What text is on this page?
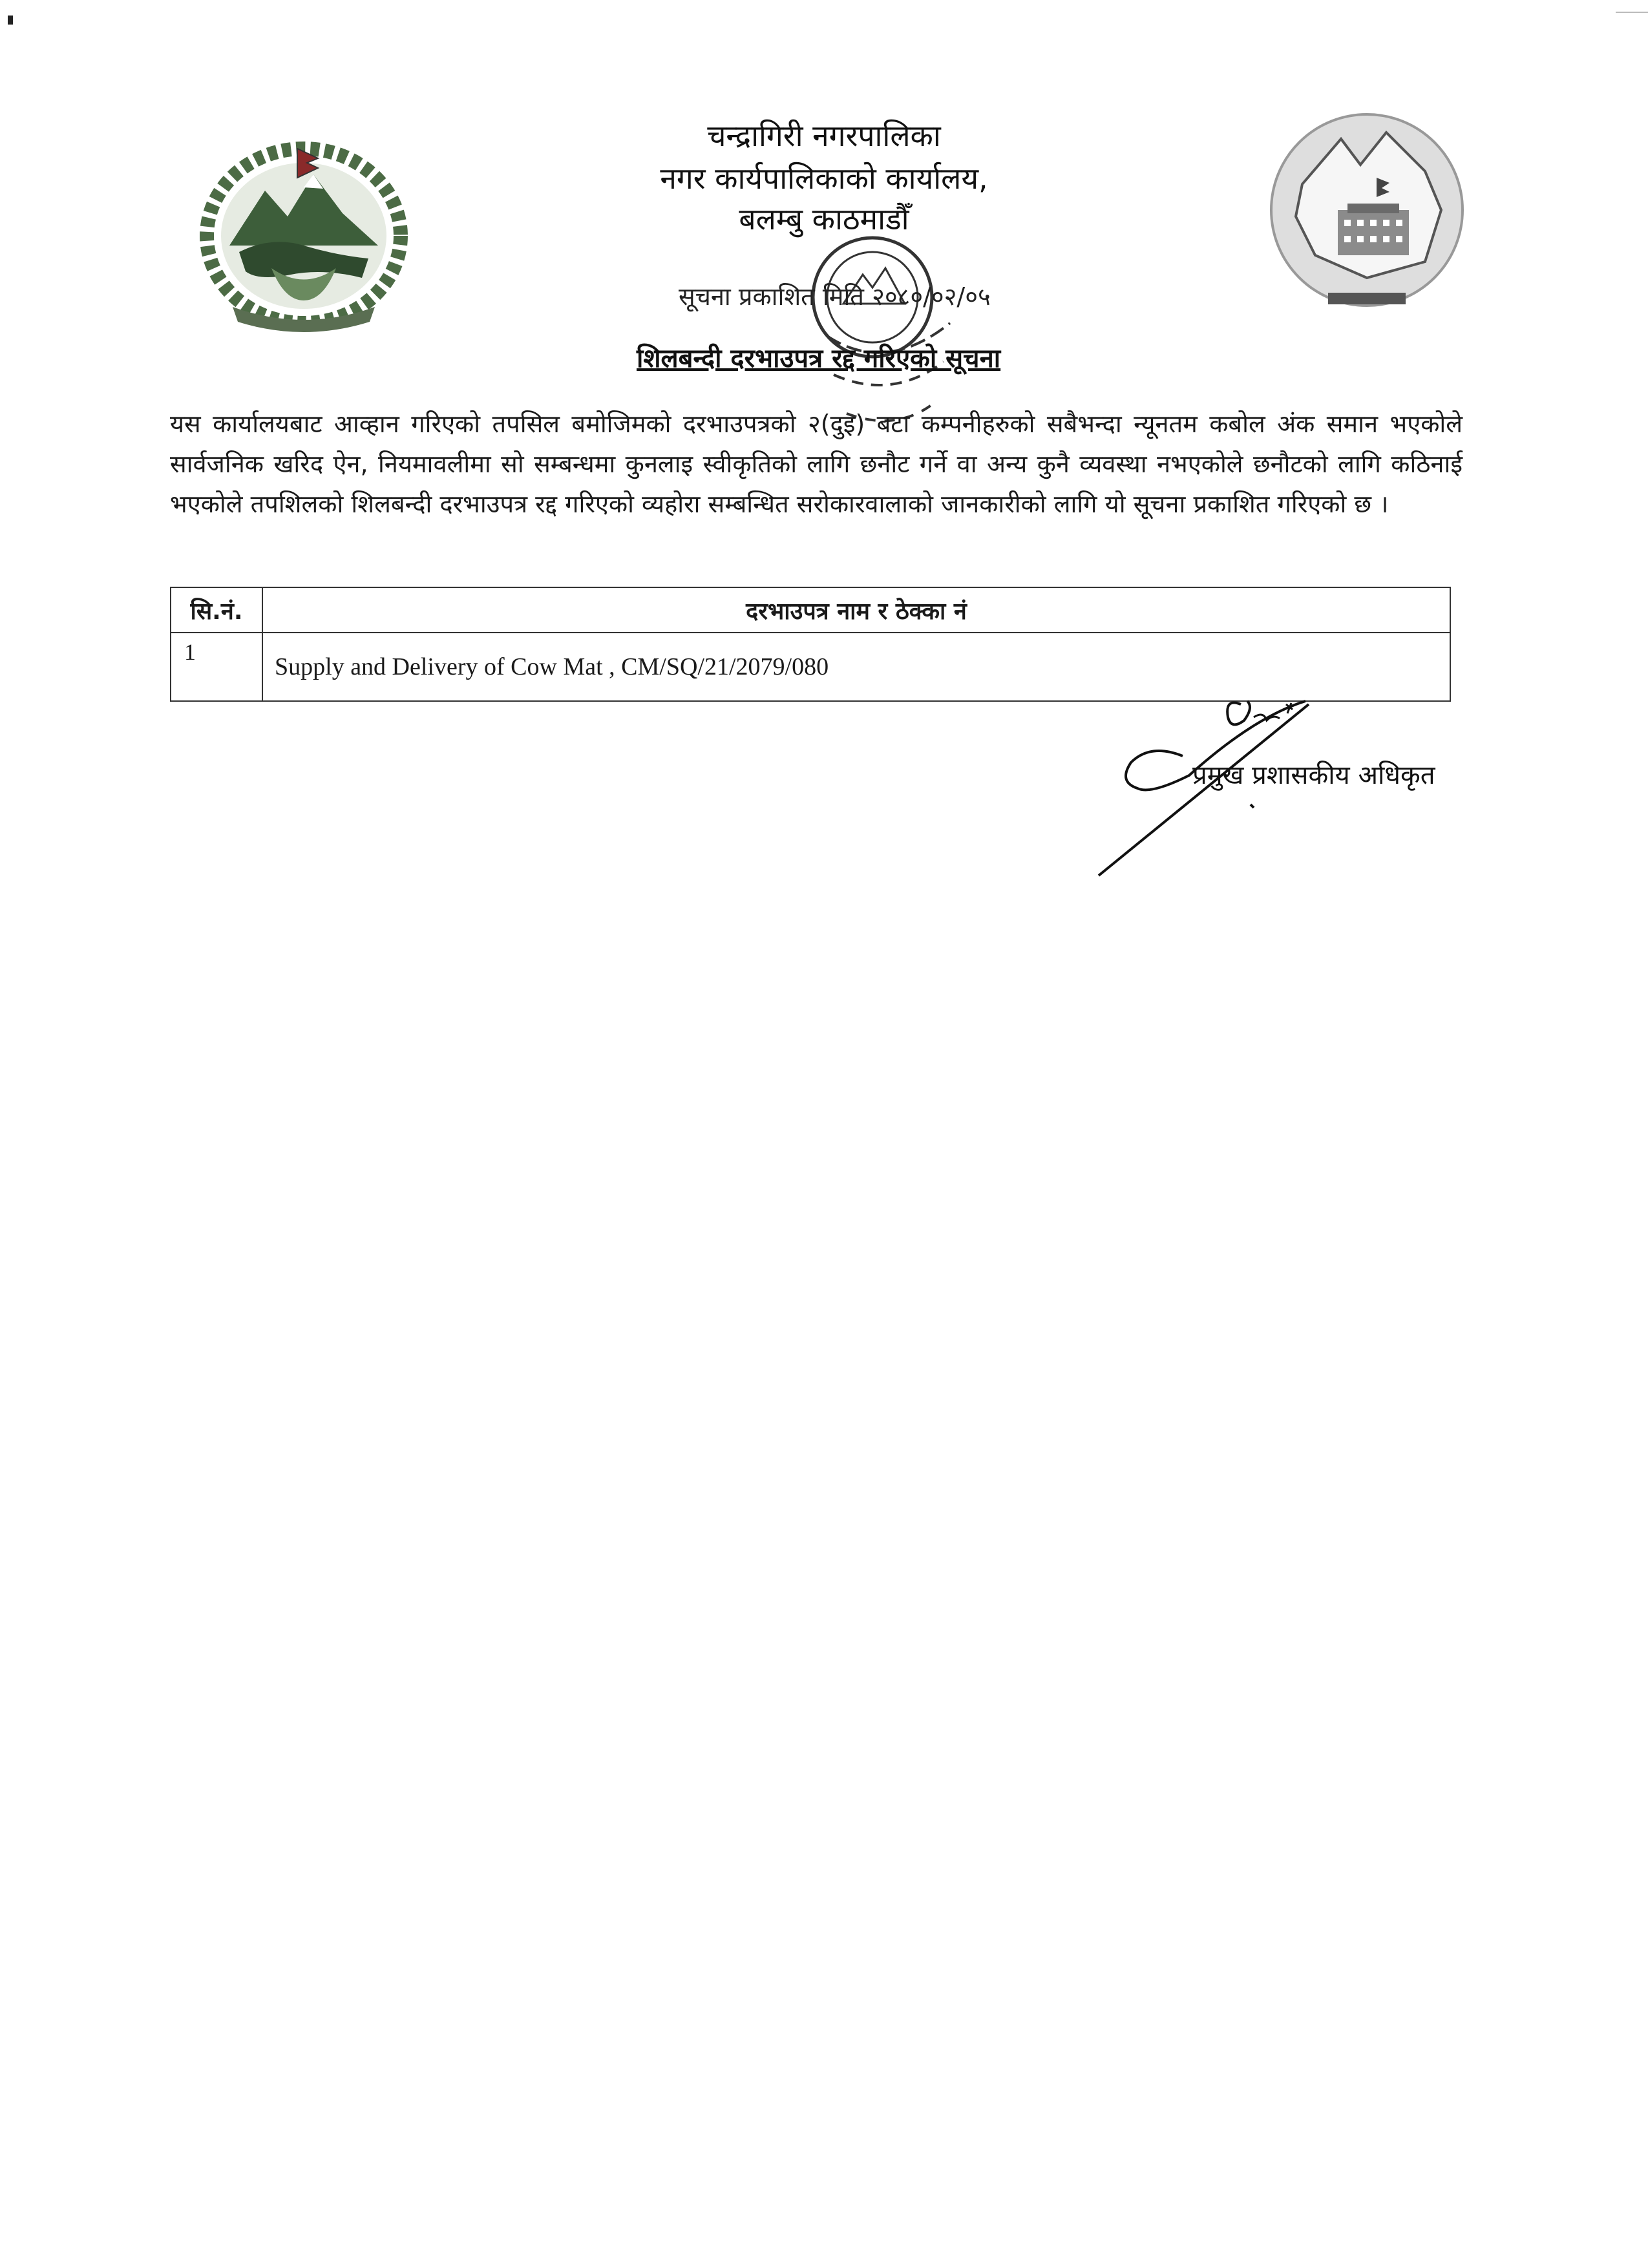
चन्द्रागिरी नगरपालिका
नगर कार्यपालिकाको कार्यालय,
बलम्बु काठमाडौँ
सूचना प्रकाशित मिति २०८०/०२/०५
शिलबन्दी दरभाउपत्र रद्द गरिएको सूचना
यस कार्यालयबाट आव्हान गरिएको तपसिल बमोजिमको दरभाउपत्रको २(दुइ) बटा कम्पनीहरुको सबैभन्दा न्यूनतम कबोल अंक समान भएकोले सार्वजनिक खरिद ऐन, नियमावलीमा सो सम्बन्धमा कुनलाइ स्वीकृतिको लागि छनौट गर्ने वा अन्य कुनै व्यवस्था नभएकोले छनौटको लागि कठिनाई भएकोले तपशिलको शिलबन्दी दरभाउपत्र रद्द गरिएको व्यहोरा सम्बन्धित सरोकारवालाको जानकारीको लागि यो सूचना प्रकाशित गरिएको छ ।
सि.नं.	दरभाउपत्र नाम र ठेक्का नं
1	Supply and Delivery of Cow Mat , CM/SQ/21/2079/080
प्रमुख प्रशासकीय अधिकृत
